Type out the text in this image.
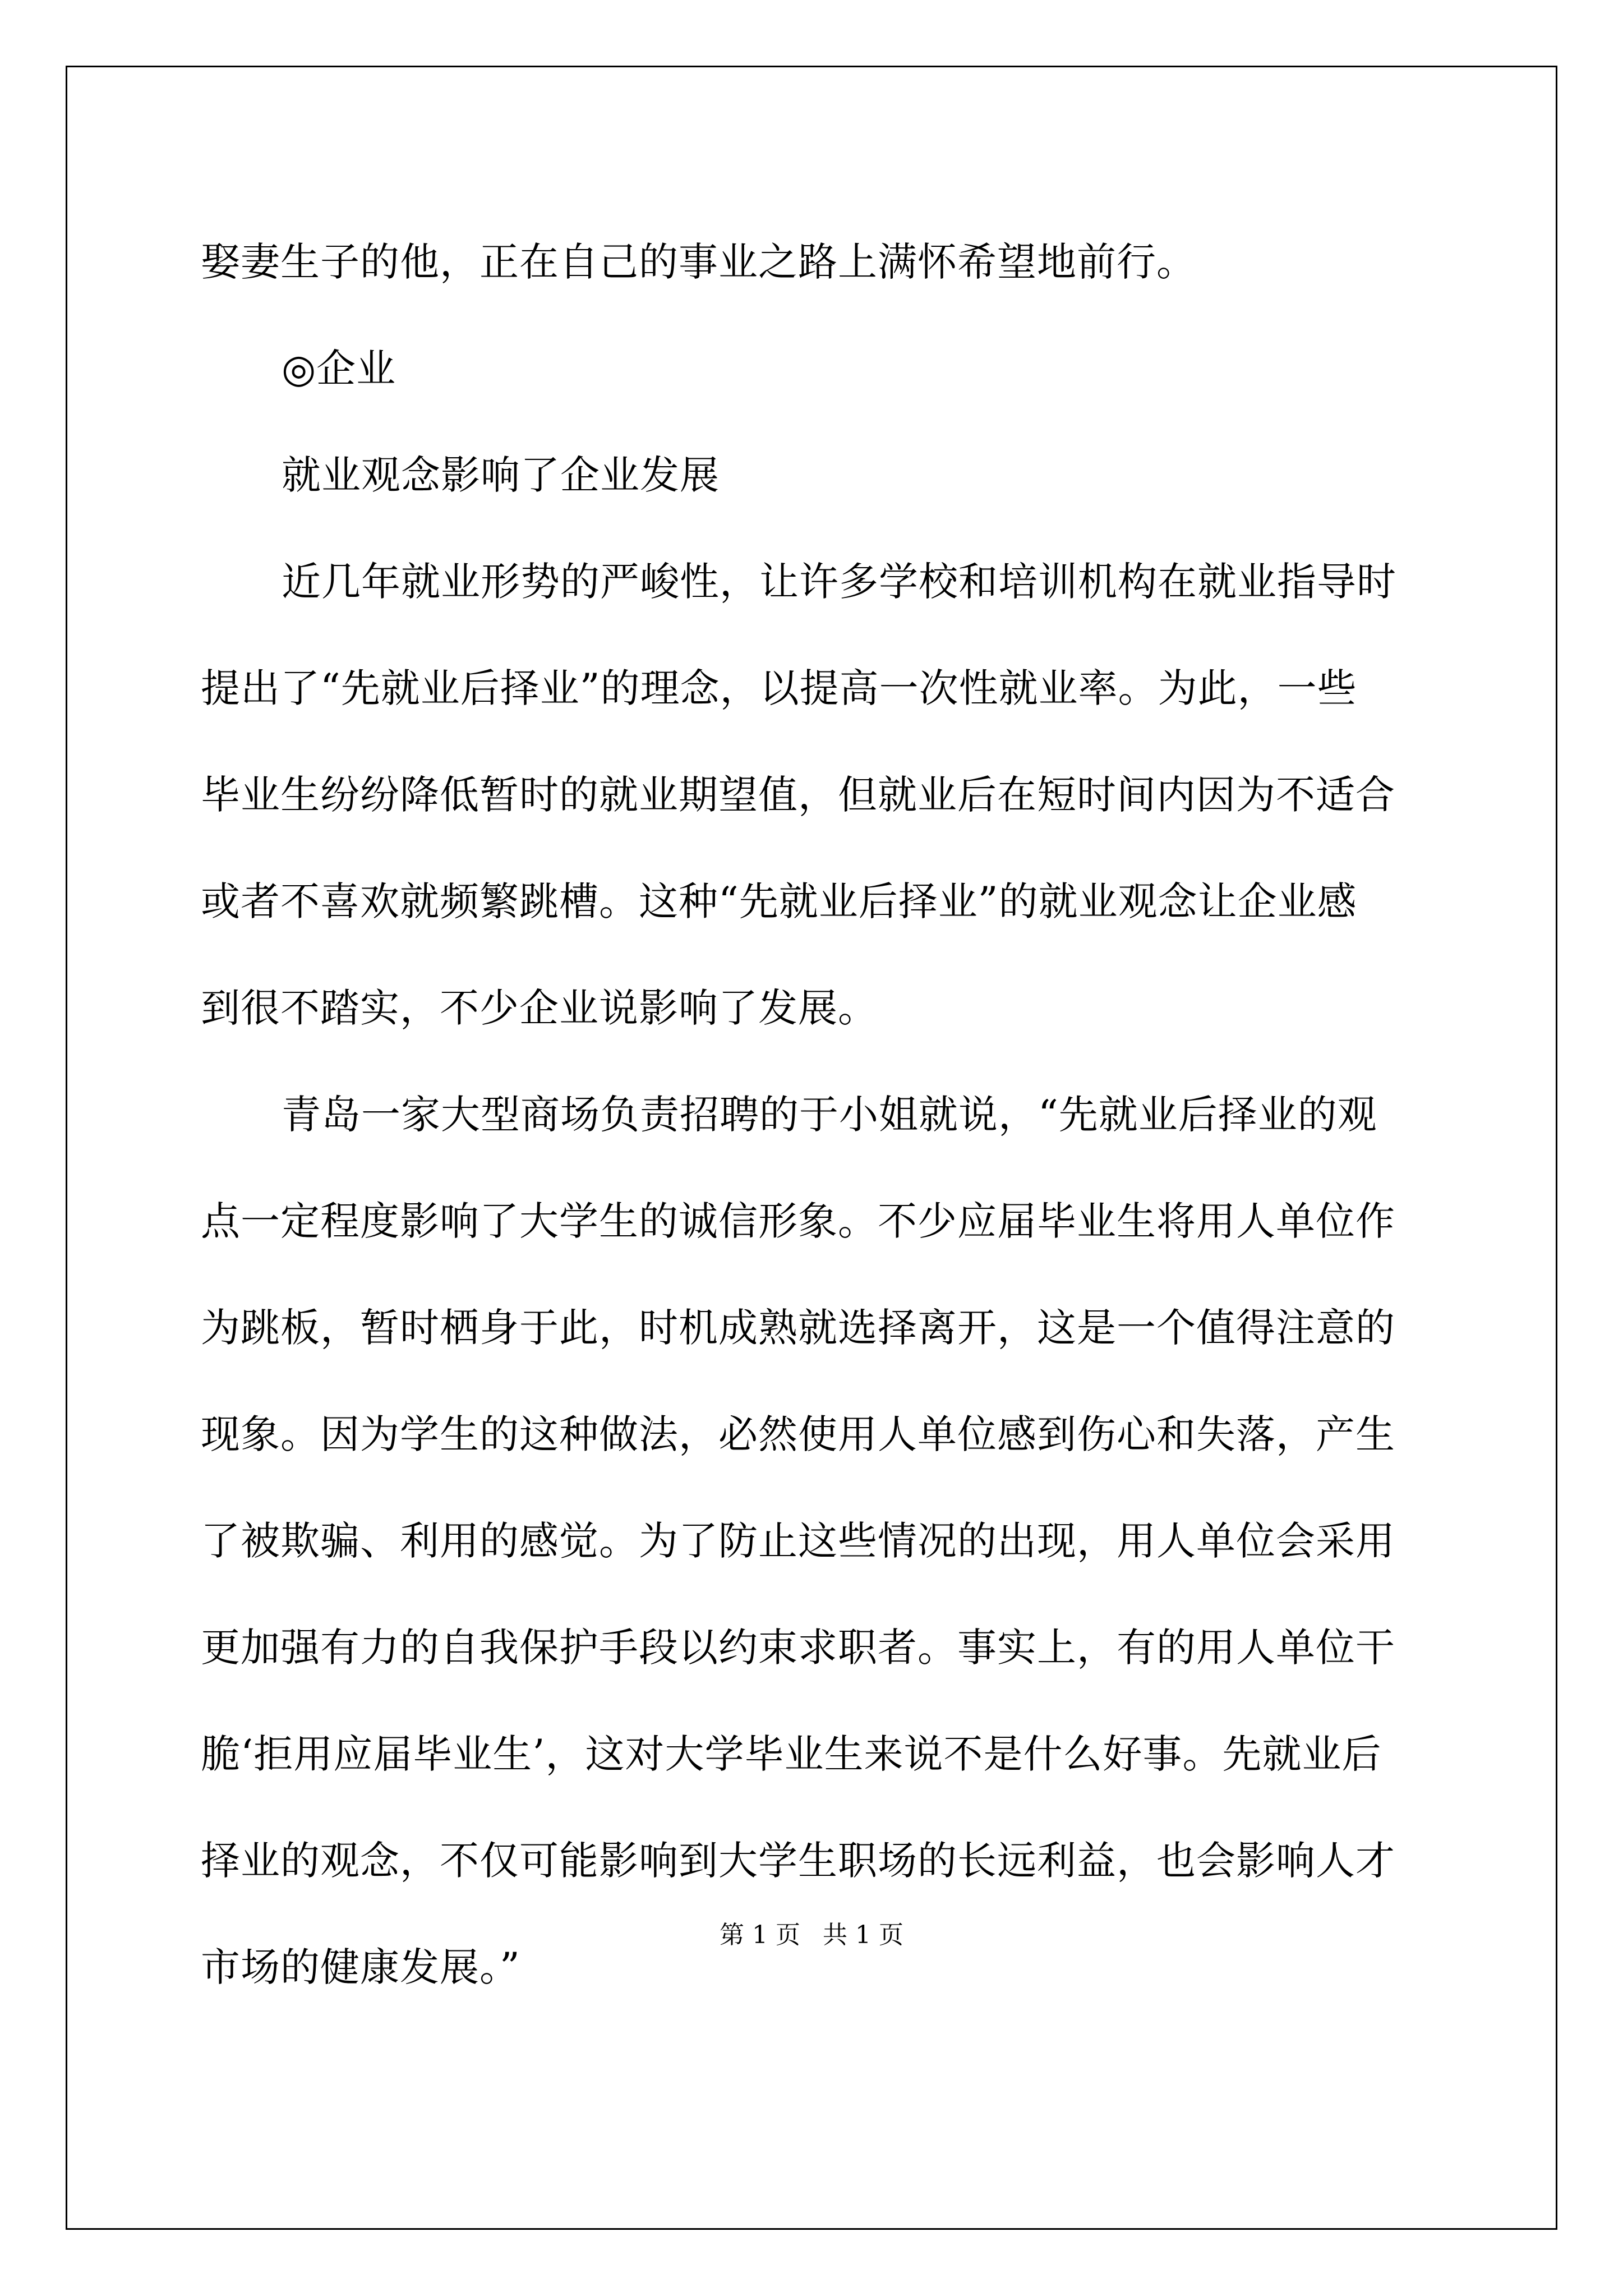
娶妻生子的他，正在自己的事业之路上满怀希望地前行。
◎企业
就业观念影响了企业发展
近几年就业形势的严峻性，让许多学校和培训机构在就业指导时
提出了“先就业后择业”的理念，以提高一次性就业率。为此，一些
毕业生纷纷降低暂时的就业期望值，但就业后在短时间内因为不适合
或者不喜欢就频繁跳槽。这种“先就业后择业”的就业观念让企业感
到很不踏实，不少企业说影响了发展。
青岛一家大型商场负责招聘的于小姐就说，“先就业后择业的观
点一定程度影响了大学生的诚信形象。不少应届毕业生将用人单位作
为跳板，暂时栖身于此，时机成熟就选择离开，这是一个值得注意的
现象。因为学生的这种做法，必然使用人单位感到伤心和失落，产生
了被欺骗、利用的感觉。为了防止这些情况的出现，用人单位会采用
更加强有力的自我保护手段以约束求职者。事实上，有的用人单位干
脆‘拒用应届毕业生’，这对大学毕业生来说不是什么好事。先就业后
择业的观念，不仅可能影响到大学生职场的长远利益，也会影响人才
市场的健康发展。”
第 1 页 共 1 页
